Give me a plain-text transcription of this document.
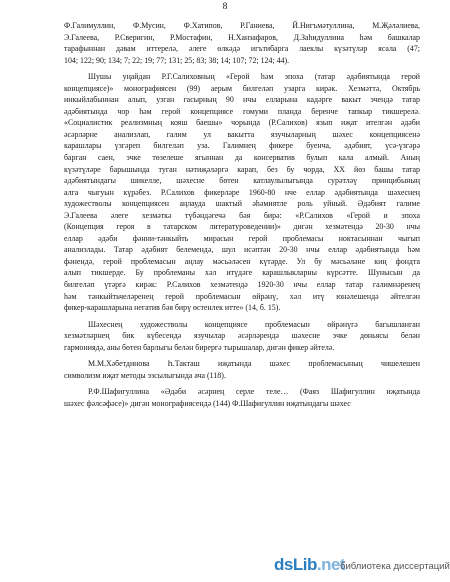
8
Ф.Галимуллин, Ф.Мусин, Ф.Хатипов, Р.Ганиева, Й.Нигъмәтуллина, М.Җәләлиева,
Э.Галеева, Р.Сверигин, Р.Мостафин, Н.Ханзафаров, Д.Заһидуллина һәм башкалар
тарафыннан дәвам иттерелә, әлеге өлкәдә игътибарга лаеклы күзәтүләр ясала (47;
104; 122; 90; 134; 7; 22; 19; 77; 131; 25; 83; 38; 14; 107; 72; 124; 44).
Шушы уңайдан Р.Г.Салиховның «Герой һәм эпоха (татар әдәбиятында герой
концепциясе)» монографиясен (99) аерым билгеләп узарга кирәк. Хезмәттә, Октябрь
инкыйлабыннан алып, узган гасырның 90 нчы елларына кадәрге вакыт эчендә татар
әдәбиятында чор һәм герой концепциясе гомуми планда беренче тапкыр тикшерелә.
«Социалистик реализмның кояш баешы» чорында (Р.Салихов) язып иҗат ителгән әдәби
әсәрләрне анализлап, галим ул вакытта язучыларның шәхес концепциясенә
карашлары үзгәреп билгеләп уза. Галимнең фикере буенча, әдәбият, үсә-үзгәрә
барган саен, эчке төзелеше ягыннан да консерватив булып кала алмый. Аның
күзәтүләре барышында туган нәтиҗәләргә карап, без бу чорда, XX йөз башы татар
әдәбиятындагы шикелле, шәхесне бөтен катлаулылыгында сурәтләү принцибының
алга чыгуын күрәбез. Р.Салихов фикерләре 1960-80 нче еллар әдәбиятында шәхеснең
художестволы концепциясен аңлауда шактый әһәмиятле роль уйный. Әдәбият галиме
Э.Галеева әлеге хезмәткә түбәндәгечә бәя бирә: «Р.Салихов «Герой и эпоха
(Концепция героя в татарском литературоведении)» дигән хезмәтендә 20-30 нчы
еллар әдәби фәнни-тәнкыйть мирасын герой проблемасы ноктасыннан чыгып
анализлады. Татар әдәбият белемендә, шул исәптән 20-30 нчы еллар әдәбиятында һәм
фәнендә, герой проблемасын аңлау мәсьәләсен күтәрде. Ул бу мәсьәләне киң фондта
алып тикшерде. Бу проблеманы хәл итүдәге карашлыкларны күрсәтте. Шунысын да
билгеләп үтәргә кирәк: Р.Салихов хезмәтендә 1920-30 нчы еллар татар галимнәренең
һәм тәнкыйтьчеләренең герой проблемасын өйрәнү, хәл итү юнәлешендә әйтелгән
фикер-карашларына негатив бәя бирү өстенлек итте» (14, б. 15).
Шәхеснең художестволы концепциясе проблемасын өйрәнүгә багышланган
хезмәтләрнең бик күбесендә язучылар әсәрләрендә шәхесне эчке дөньясы белән
гармониядә, аны бөтен барлыгы белән бирергә тырышалар, дигән фикер әйтелә.
М.М.Хәбетдинова Һ.Такташ иҗатында шәхес проблемасының чишелешен
символизм иҗат методы эзсылыгында ача (118).
Р.Ф.Шафигуллина «Әдәби әсәрнең серле теле… (Фаяз Шафигуллин иҗатында
шәхес фәлсәфәсе)» дигән монографиясендә (144) Ф.Шафигуллин иҗатындагы шәхес
dsLib.net
библиотека диссертаций
